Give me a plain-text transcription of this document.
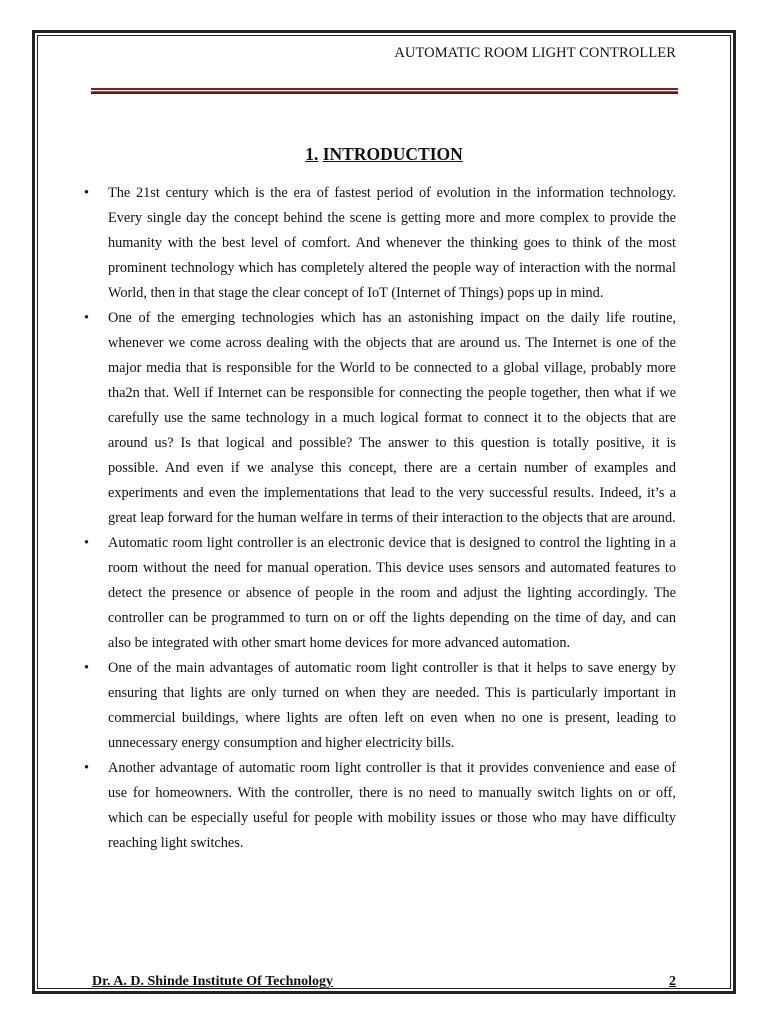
AUTOMATIC ROOM LIGHT CONTROLLER
1. INTRODUCTION
• The 21st century which is the era of fastest period of evolution in the information technology. Every single day the concept behind the scene is getting more and more complex to provide the humanity with the best level of comfort. And whenever the thinking goes to think of the most prominent technology which has completely altered the people way of interaction with the normal World, then in that stage the clear concept of IoT (Internet of Things) pops up in mind.
• One of the emerging technologies which has an astonishing impact on the daily life routine, whenever we come across dealing with the objects that are around us. The Internet is one of the major media that is responsible for the World to be connected to a global village, probably more tha2n that. Well if Internet can be responsible for connecting the people together, then what if we carefully use the same technology in a much logical format to connect it to the objects that are around us? Is that logical and possible? The answer to this question is totally positive, it is possible. And even if we analyse this concept, there are a certain number of examples and experiments and even the implementations that lead to the very successful results. Indeed, it’s a great leap forward for the human welfare in terms of their interaction to the objects that are around.
• Automatic room light controller is an electronic device that is designed to control the lighting in a room without the need for manual operation. This device uses sensors and automated features to detect the presence or absence of people in the room and adjust the lighting accordingly. The controller can be programmed to turn on or off the lights depending on the time of day, and can also be integrated with other smart home devices for more advanced automation.
• One of the main advantages of automatic room light controller is that it helps to save energy by ensuring that lights are only turned on when they are needed. This is particularly important in commercial buildings, where lights are often left on even when no one is present, leading to unnecessary energy consumption and higher electricity bills.
• Another advantage of automatic room light controller is that it provides convenience and ease of use for homeowners. With the controller, there is no need to manually switch lights on or off, which can be especially useful for people with mobility issues or those who may have difficulty reaching light switches.
Dr. A. D. Shinde Institute Of Technology	2
